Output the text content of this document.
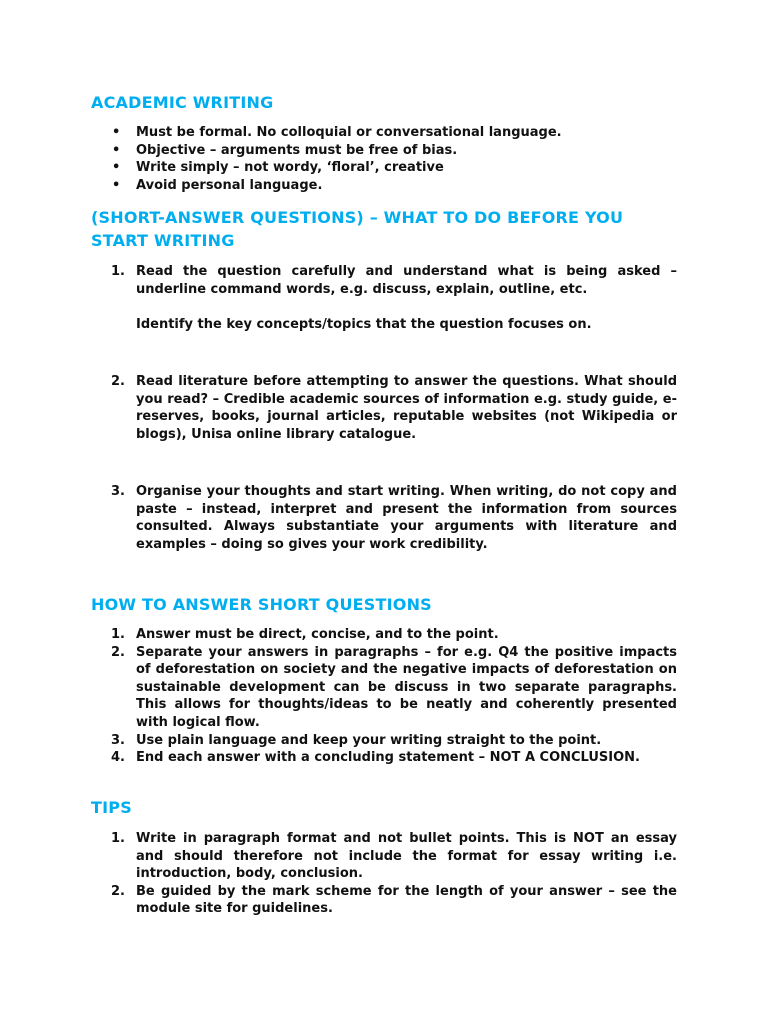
ACADEMIC WRITING
• Must be formal. No colloquial or conversational language.
• Objective – arguments must be free of bias.
• Write simply – not wordy, ‘floral’, creative
• Avoid personal language.
(SHORT-ANSWER QUESTIONS) – WHAT TO DO BEFORE YOU START WRITING
1. Read the question carefully and understand what is being asked – underline command words, e.g. discuss, explain, outline, etc.
Identify the key concepts/topics that the question focuses on.
2. Read literature before attempting to answer the questions. What should you read? – Credible academic sources of information e.g. study guide, e-reserves, books, journal articles, reputable websites (not Wikipedia or blogs), Unisa online library catalogue.
3. Organise your thoughts and start writing. When writing, do not copy and paste – instead, interpret and present the information from sources consulted. Always substantiate your arguments with literature and examples – doing so gives your work credibility.
HOW TO ANSWER SHORT QUESTIONS
1. Answer must be direct, concise, and to the point.
2. Separate your answers in paragraphs – for e.g. Q4 the positive impacts of deforestation on society and the negative impacts of deforestation on sustainable development can be discuss in two separate paragraphs. This allows for thoughts/ideas to be neatly and coherently presented with logical flow.
3. Use plain language and keep your writing straight to the point.
4. End each answer with a concluding statement – NOT A CONCLUSION.
TIPS
1. Write in paragraph format and not bullet points. This is NOT an essay and should therefore not include the format for essay writing i.e. introduction, body, conclusion.
2. Be guided by the mark scheme for the length of your answer – see the module site for guidelines.
